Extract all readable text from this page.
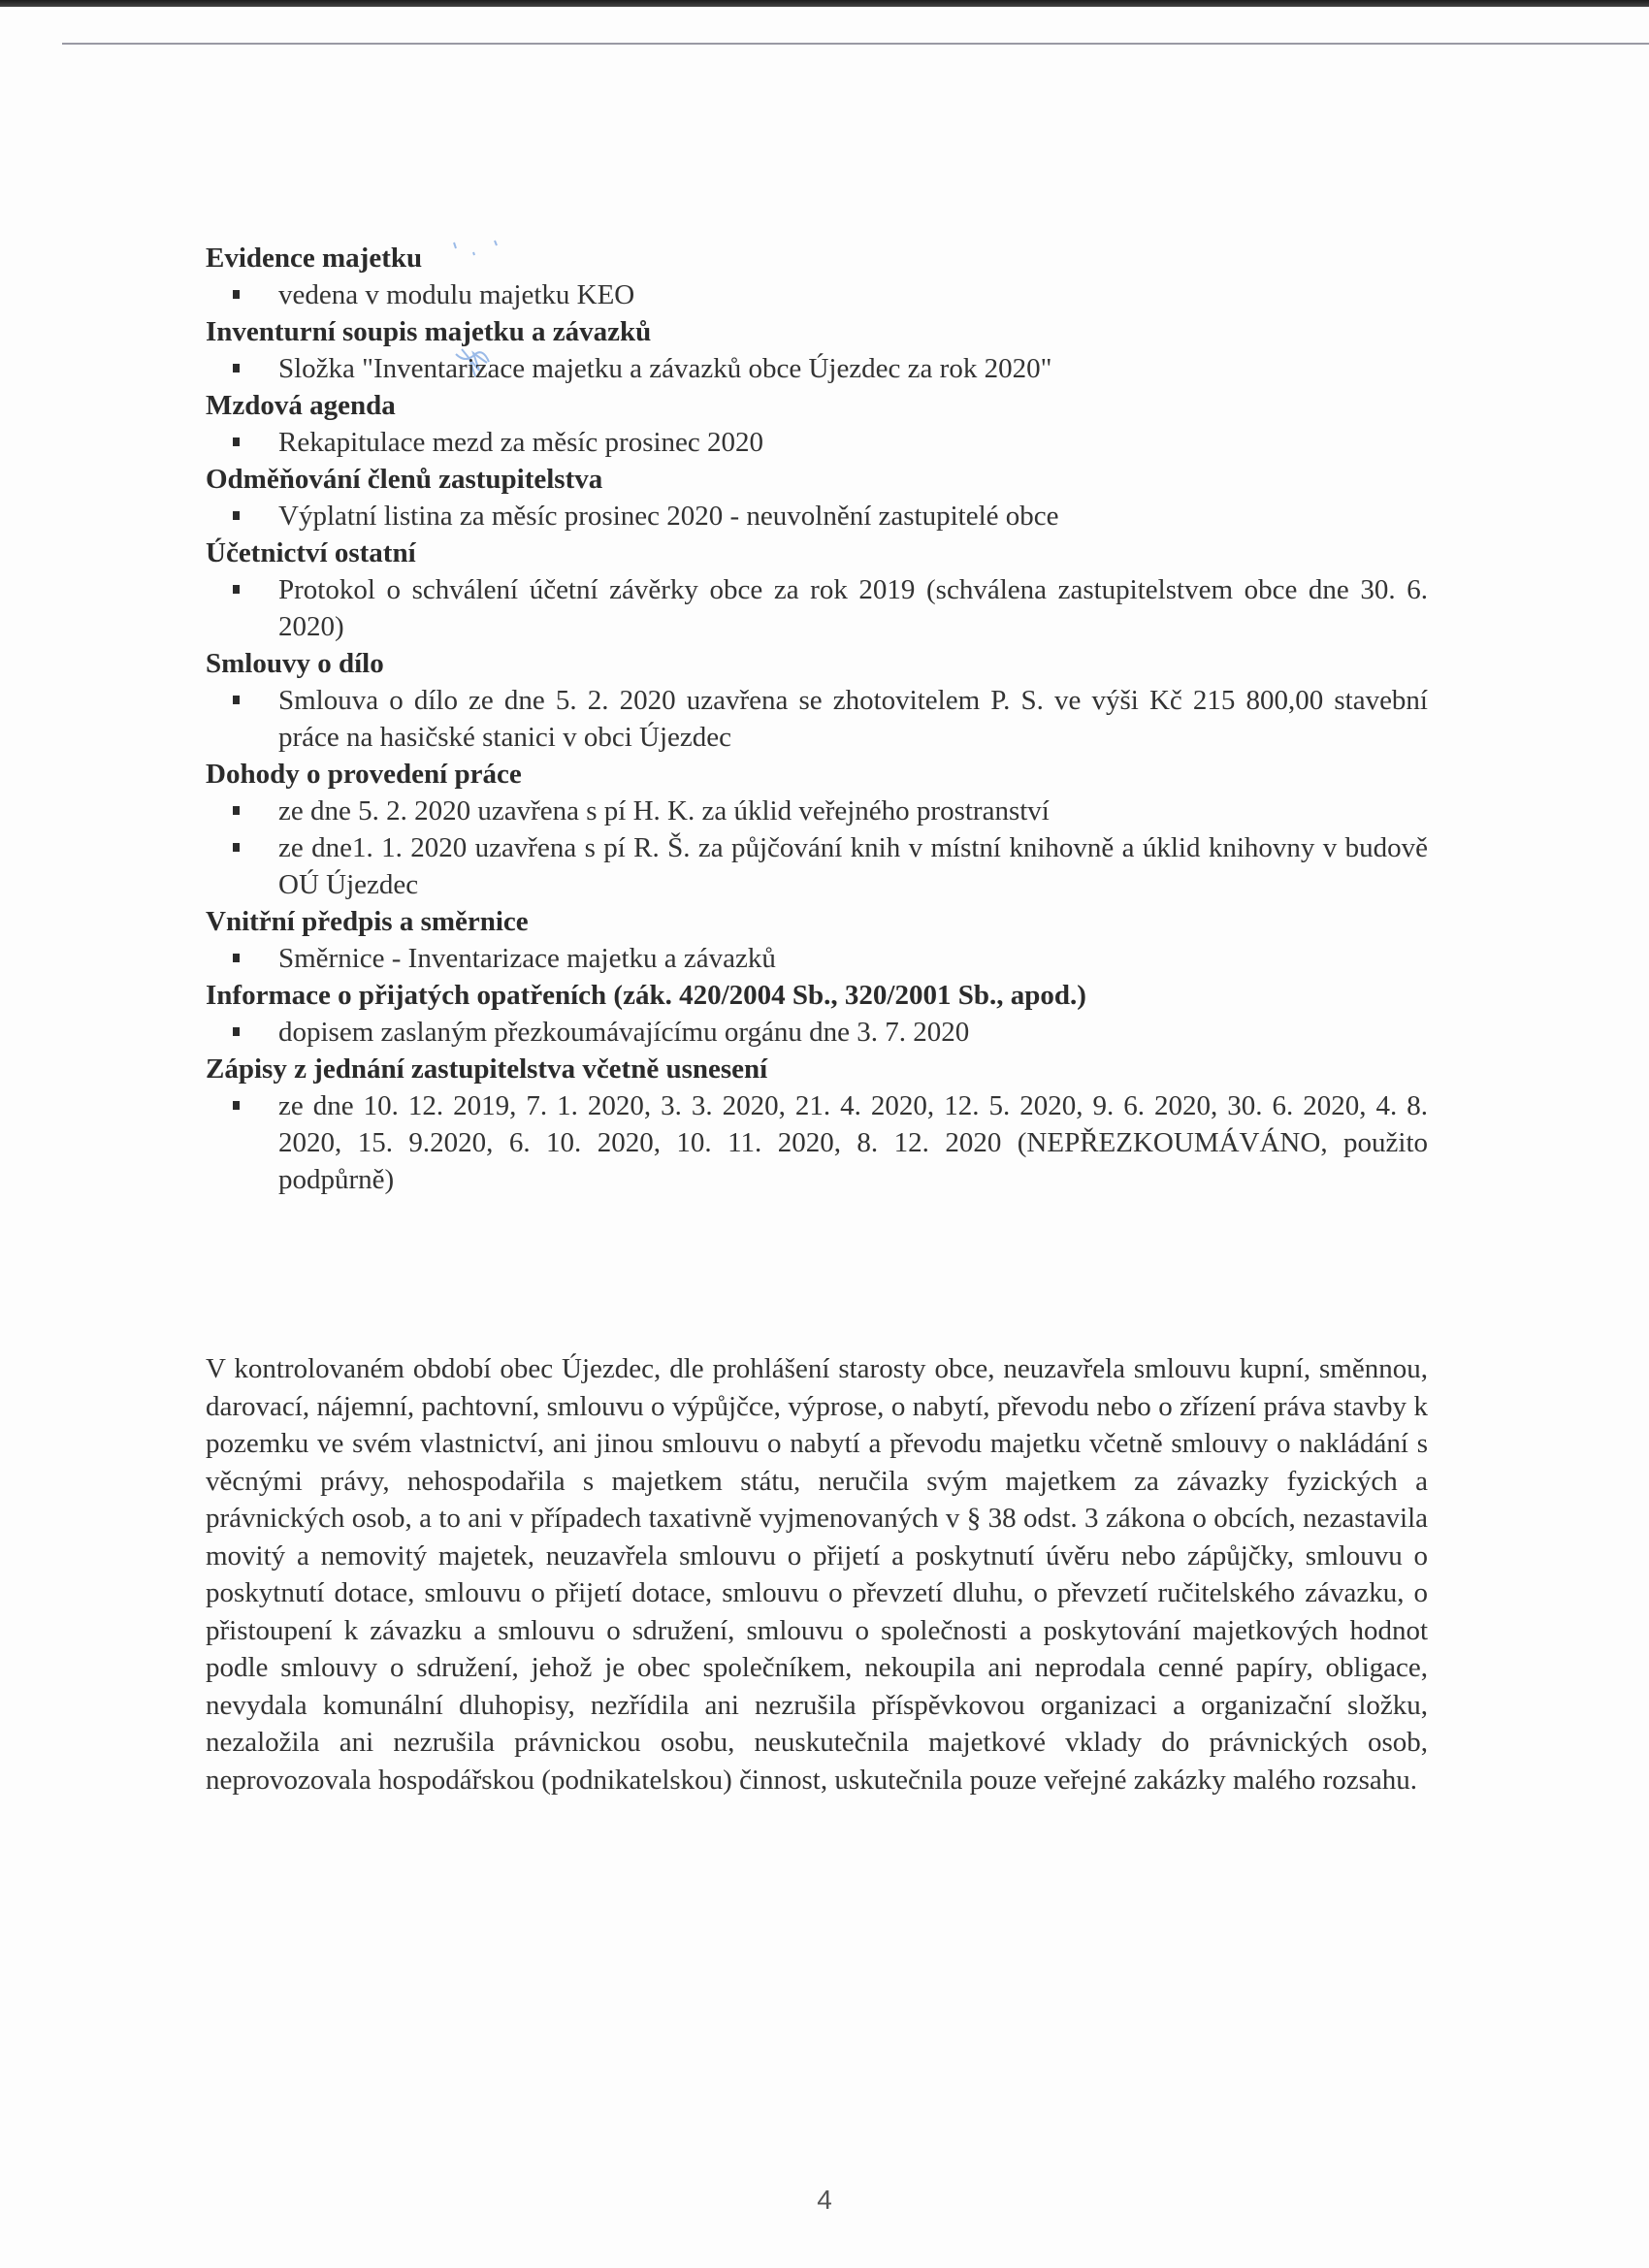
Evidence majetku
vedena v modulu majetku KEO
Inventurní soupis majetku a závazků
Složka "Inventarizace majetku a závazků obce Újezdec za rok 2020"
Mzdová agenda
Rekapitulace mezd za měsíc prosinec 2020
Odměňování členů zastupitelstva
Výplatní listina za měsíc prosinec 2020 - neuvolnění zastupitelé obce
Účetnictví ostatní
Protokol o schválení účetní závěrky obce za rok 2019 (schválena zastupitelstvem obce dne 30. 6. 2020)
Smlouvy o dílo
Smlouva o dílo ze dne 5. 2. 2020 uzavřena se zhotovitelem P. S. ve výši Kč 215 800,00 stavební práce na hasičské stanici v obci Újezdec
Dohody o provedení práce
ze dne 5. 2. 2020 uzavřena s pí H. K. za úklid veřejného prostranství
ze dne1. 1. 2020 uzavřena s pí R. Š. za půjčování knih v místní knihovně a úklid knihovny v budově OÚ Újezdec
Vnitřní předpis a směrnice
Směrnice - Inventarizace majetku a závazků
Informace o přijatých opatřeních (zák. 420/2004 Sb., 320/2001 Sb., apod.)
dopisem zaslaným přezkoumávajícímu orgánu dne 3. 7. 2020
Zápisy z jednání zastupitelstva včetně usnesení
ze dne 10. 12. 2019, 7. 1. 2020, 3. 3. 2020, 21. 4. 2020, 12. 5. 2020, 9. 6. 2020, 30. 6. 2020, 4. 8. 2020, 15. 9.2020, 6. 10. 2020, 10. 11. 2020, 8. 12. 2020 (NEPŘEZKOUMÁVÁNO, použito podpůrně)
V kontrolovaném období obec Újezdec, dle prohlášení starosty obce, neuzavřela smlouvu kupní, směnnou, darovací, nájemní, pachtovní, smlouvu o výpůjčce, výprose, o nabytí, převodu nebo o zřízení práva stavby k pozemku ve svém vlastnictví, ani jinou smlouvu o nabytí a převodu majetku včetně smlouvy o nakládání s věcnými právy, nehospodařila s majetkem státu, neručila svým majetkem za závazky fyzických a právnických osob, a to ani v případech taxativně vyjmenovaných v § 38 odst. 3 zákona o obcích, nezastavila movitý a nemovitý majetek, neuzavřela smlouvu o přijetí a poskytnutí úvěru nebo zápůjčky, smlouvu o poskytnutí dotace, smlouvu o přijetí dotace, smlouvu o převzetí dluhu, o převzetí ručitelského závazku, o přistoupení k závazku a smlouvu o sdružení, smlouvu o společnosti a poskytování majetkových hodnot podle smlouvy o sdružení, jehož je obec společníkem, nekoupila ani neprodala cenné papíry, obligace, nevydala komunální dluhopisy, nezřídila ani nezrušila příspěvkovou organizaci a organizační složku, nezaložila ani nezrušila právnickou osobu, neuskutečnila majetkové vklady do právnických osob, neprovozovala hospodářskou (podnikatelskou) činnost, uskutečnila pouze veřejné zakázky malého rozsahu.
4
